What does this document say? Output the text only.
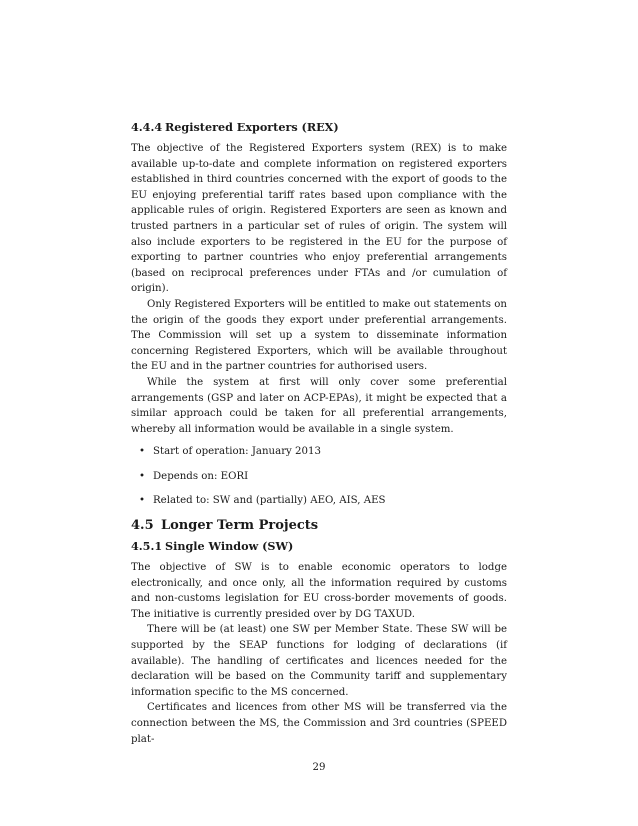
4.4.4 Registered Exporters (REX)

The objective of the Registered Exporters system (REX) is to make available up-to-date and complete information on registered exporters established in third countries concerned with the export of goods to the EU enjoying preferential tariff rates based upon compliance with the applicable rules of origin. Registered Exporters are seen as known and trusted partners in a particular set of rules of origin. The system will also include exporters to be registered in the EU for the purpose of exporting to partner countries who enjoy preferential arrangements (based on reciprocal preferences under FTAs and /or cumulation of origin).

Only Registered Exporters will be entitled to make out statements on the origin of the goods they export under preferential arrangements. The Commission will set up a system to disseminate information concerning Registered Exporters, which will be available throughout the EU and in the partner countries for authorised users.

While the system at first will only cover some preferential arrangements (GSP and later on ACP-EPAs), it might be expected that a similar approach could be taken for all preferential arrangements, whereby all information would be available in a single system.

• Start of operation: January 2013
• Depends on: EORI
• Related to: SW and (partially) AEO, AIS, AES
4.5 Longer Term Projects
4.5.1 Single Window (SW)

The objective of SW is to enable economic operators to lodge electronically, and once only, all the information required by customs and non-customs legislation for EU cross-border movements of goods. The initiative is currently presided over by DG TAXUD.

There will be (at least) one SW per Member State. These SW will be supported by the SEAP functions for lodging of declarations (if available). The handling of certificates and licences needed for the declaration will be based on the Community tariff and supplementary information specific to the MS concerned.

Certificates and licences from other MS will be transferred via the connection between the MS, the Commission and 3rd countries (SPEED plat-

29
